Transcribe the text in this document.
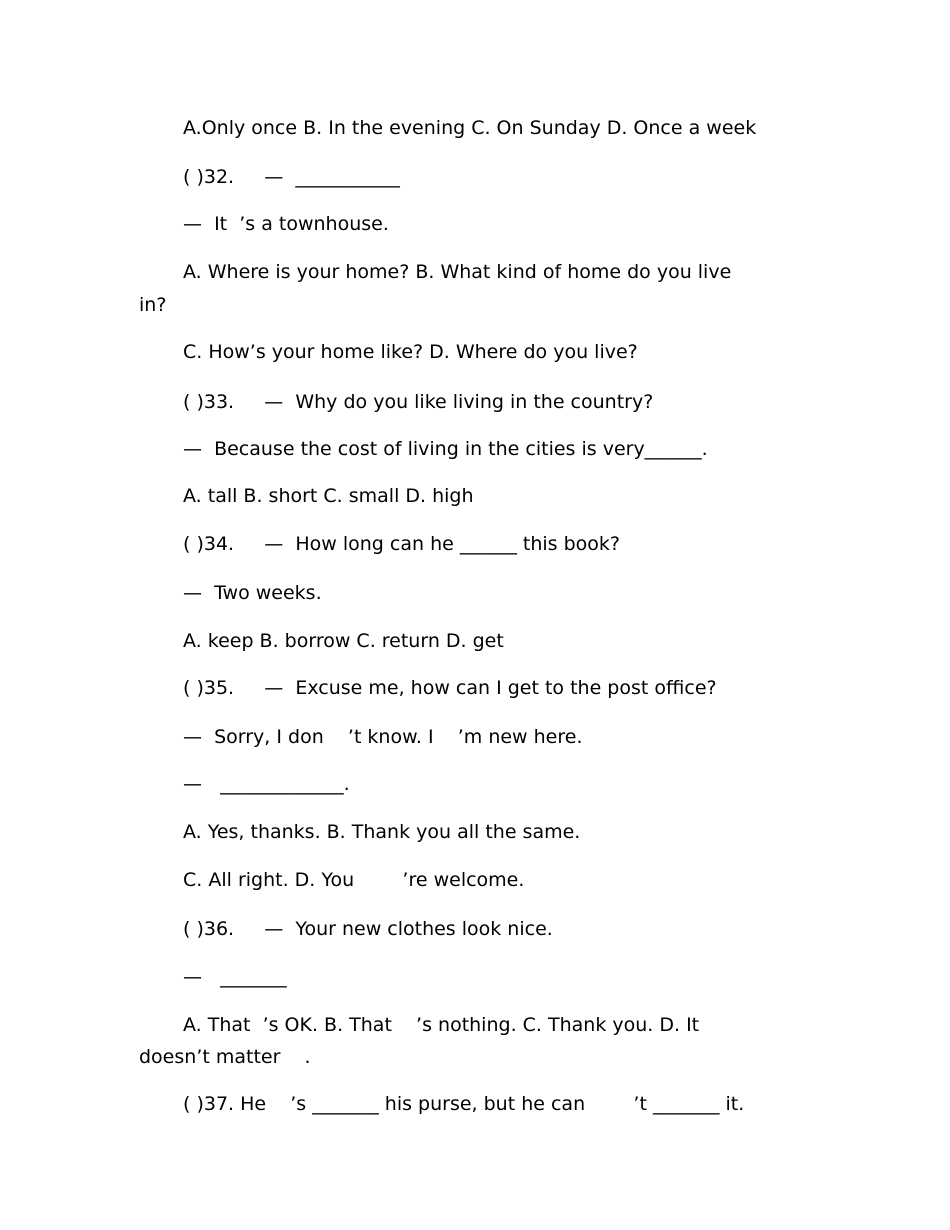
A.Only once B. In the evening C. On Sunday D. Once a week
( )32.     —  ___________
—  It  ’s a townhouse.
A. Where is your home? B. What kind of home do you live
in?
C. How’s your home like? D. Where do you live?
( )33.     —  Why do you like living in the country?
—  Because the cost of living in the cities is very______.
A. tall B. short C. small D. high
( )34.     —  How long can he ______ this book?
—  Two weeks.
A. keep B. borrow C. return D. get
( )35.     —  Excuse me, how can I get to the post office?
—  Sorry, I don    ’t know. I    ’m new here.
—   _____________.
A. Yes, thanks. B. Thank you all the same.
C. All right. D. You        ’re welcome.
( )36.     —  Your new clothes look nice.
—   _______
A. That  ’s OK. B. That    ’s nothing. C. Thank you. D. It
doesn’t matter    .
( )37. He    ’s _______ his purse, but he can        ’t _______ it.
